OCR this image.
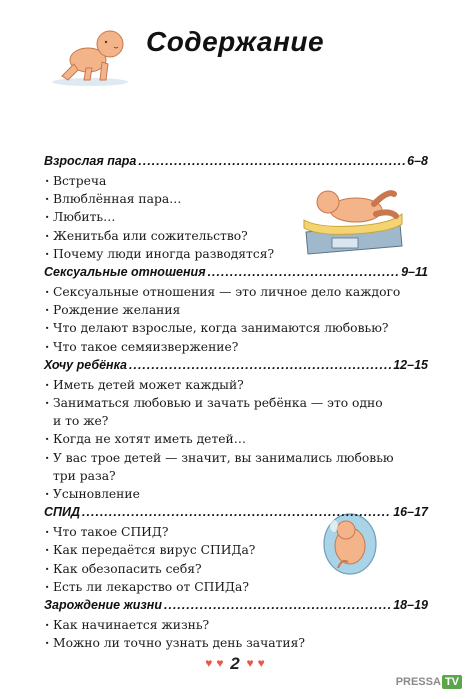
Содержание
Взрослая пара .....	6–8
· Встреча
· Влюблённая пара…
· Любить…
· Женитьба или сожительство?
· Почему люди иногда разводятся?
Сексуальные отношения .....	9–11
· Сексуальные отношения — это личное дело каждого
· Рождение желания
· Что делают взрослые, когда занимаются любовью?
· Что такое семяизвержение?
Хочу ребёнка .....	12–15
· Иметь детей может каждый?
· Заниматься любовью и зачать ребёнка — это одно
и то же?
· Когда не хотят иметь детей…
· У вас трое детей — значит, вы занимались любовью
три раза?
· Усыновление
СПИД .....	16–17
· Что такое СПИД?
· Как передаётся вирус СПИДа?
· Как обезопасить себя?
· Есть ли лекарство от СПИДа?
Зарождение жизни .....	18–19
· Как начинается жизнь?
· Можно ли точно узнать день зачатия?
♥ ♥ 2 ♥ ♥
PRESSA TV
